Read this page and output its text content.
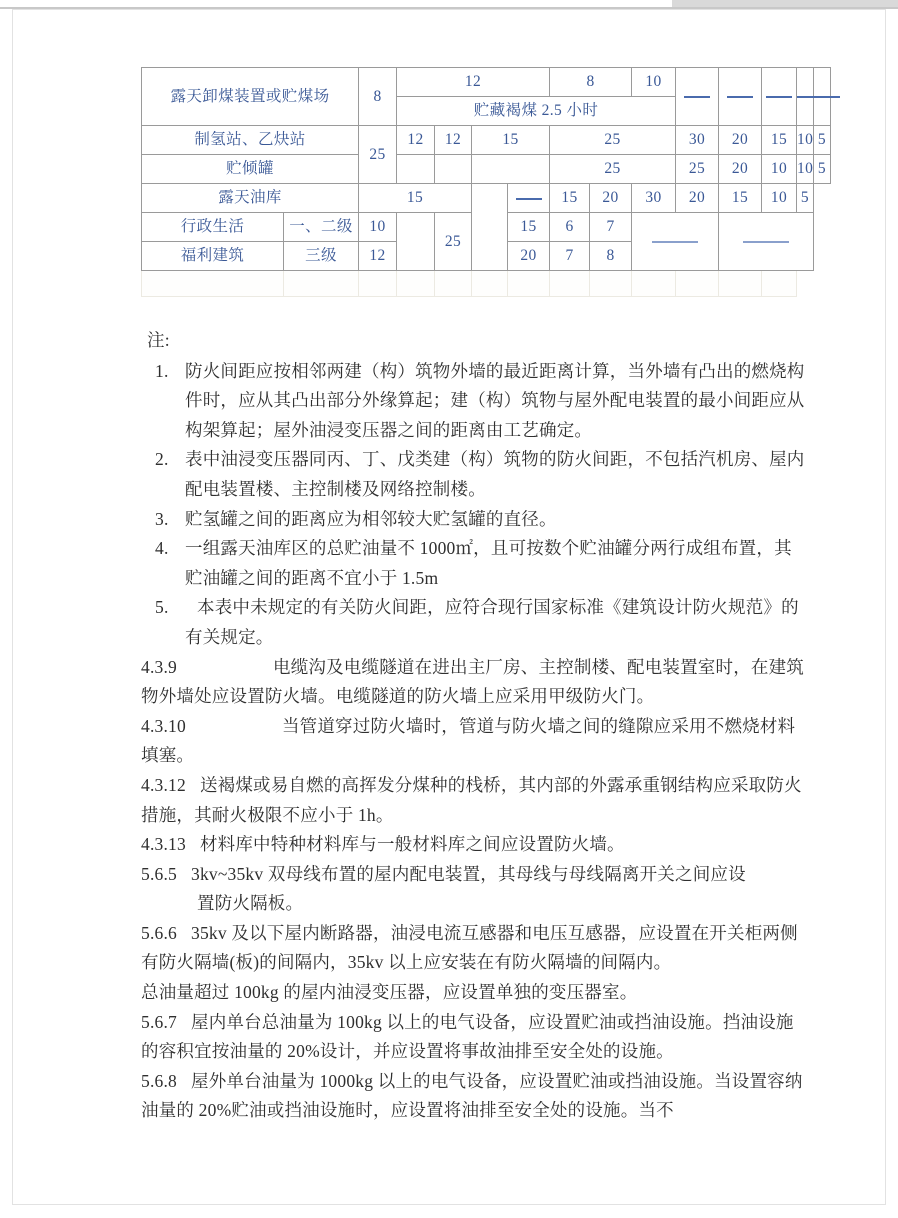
露天卸煤装置或贮煤场		8	12				8		10					
			贮藏褐煤 2.5 小时											
制氢站、乙炔站		25	12	12	15		25			30	20	15	10	5
贮倾罐							25			25	20	10	10	5
露天油库		15					15	20	30	20	15	10	5	
行政生活	一、二级	10		25		15	6	7						
福利建筑	三级	12				20	7	8						

注:

1. 防火间距应按相邻两建（构）筑物外墙的最近距离计算，当外墙有凸出的燃烧构件时，应从其凸出部分外缘算起；建（构）筑物与屋外配电装置的最小间距应从构架算起；屋外油浸变压器之间的距离由工艺确定。
2. 表中油浸变压器同丙、丁、戊类建（构）筑物的防火间距，不包括汽机房、屋内配电装置楼、主控制楼及网络控制楼。
3. 贮氢罐之间的距离应为相邻较大贮氢罐的直径。
4. 一组露天油库区的总贮油量不 1000㎡，且可按数个贮油罐分两行成组布置，其贮油罐之间的距离不宜小于 1.5m
5.	本表中未规定的有关防火间距，应符合现行国家标准《建筑设计防火规范》的有关规定。

4.3.9	电缆沟及电缆隧道在进出主厂房、主控制楼、配电装置室时，在建筑物外墙处应设置防火墙。电缆隧道的防火墙上应采用甲级防火门。

4.3.10	当管道穿过防火墙时，管道与防火墙之间的缝隙应采用不燃烧材料填塞。

4.3.12 送褐煤或易自燃的高挥发分煤种的栈桥，其内部的外露承重钢结构应采取防火措施，其耐火极限不应小于 1h。

4.3.13 材料库中特种材料库与一般材料库之间应设置防火墙。

5.6.5 3kv~35kv 双母线布置的屋内配电装置，其母线与母线隔离开关之间应设
置防火隔板。

5.6.6 35kv 及以下屋内断路器，油浸电流互感器和电压互感器，应设置在开关柜两侧有防火隔墙(板)的间隔内，35kv 以上应安装在有防火隔墙的间隔内。

总油量超过 100kg 的屋内油浸变压器，应设置单独的变压器室。

5.6.7 屋内单台总油量为 100kg 以上的电气设备，应设置贮油或挡油设施。挡油设施的容积宜按油量的 20%设计，并应设置将事故油排至安全处的设施。

5.6.8 屋外单台油量为 1000kg 以上的电气设备，应设置贮油或挡油设施。当设置容纳油量的 20%贮油或挡油设施时，应设置将油排至安全处的设施。当不
